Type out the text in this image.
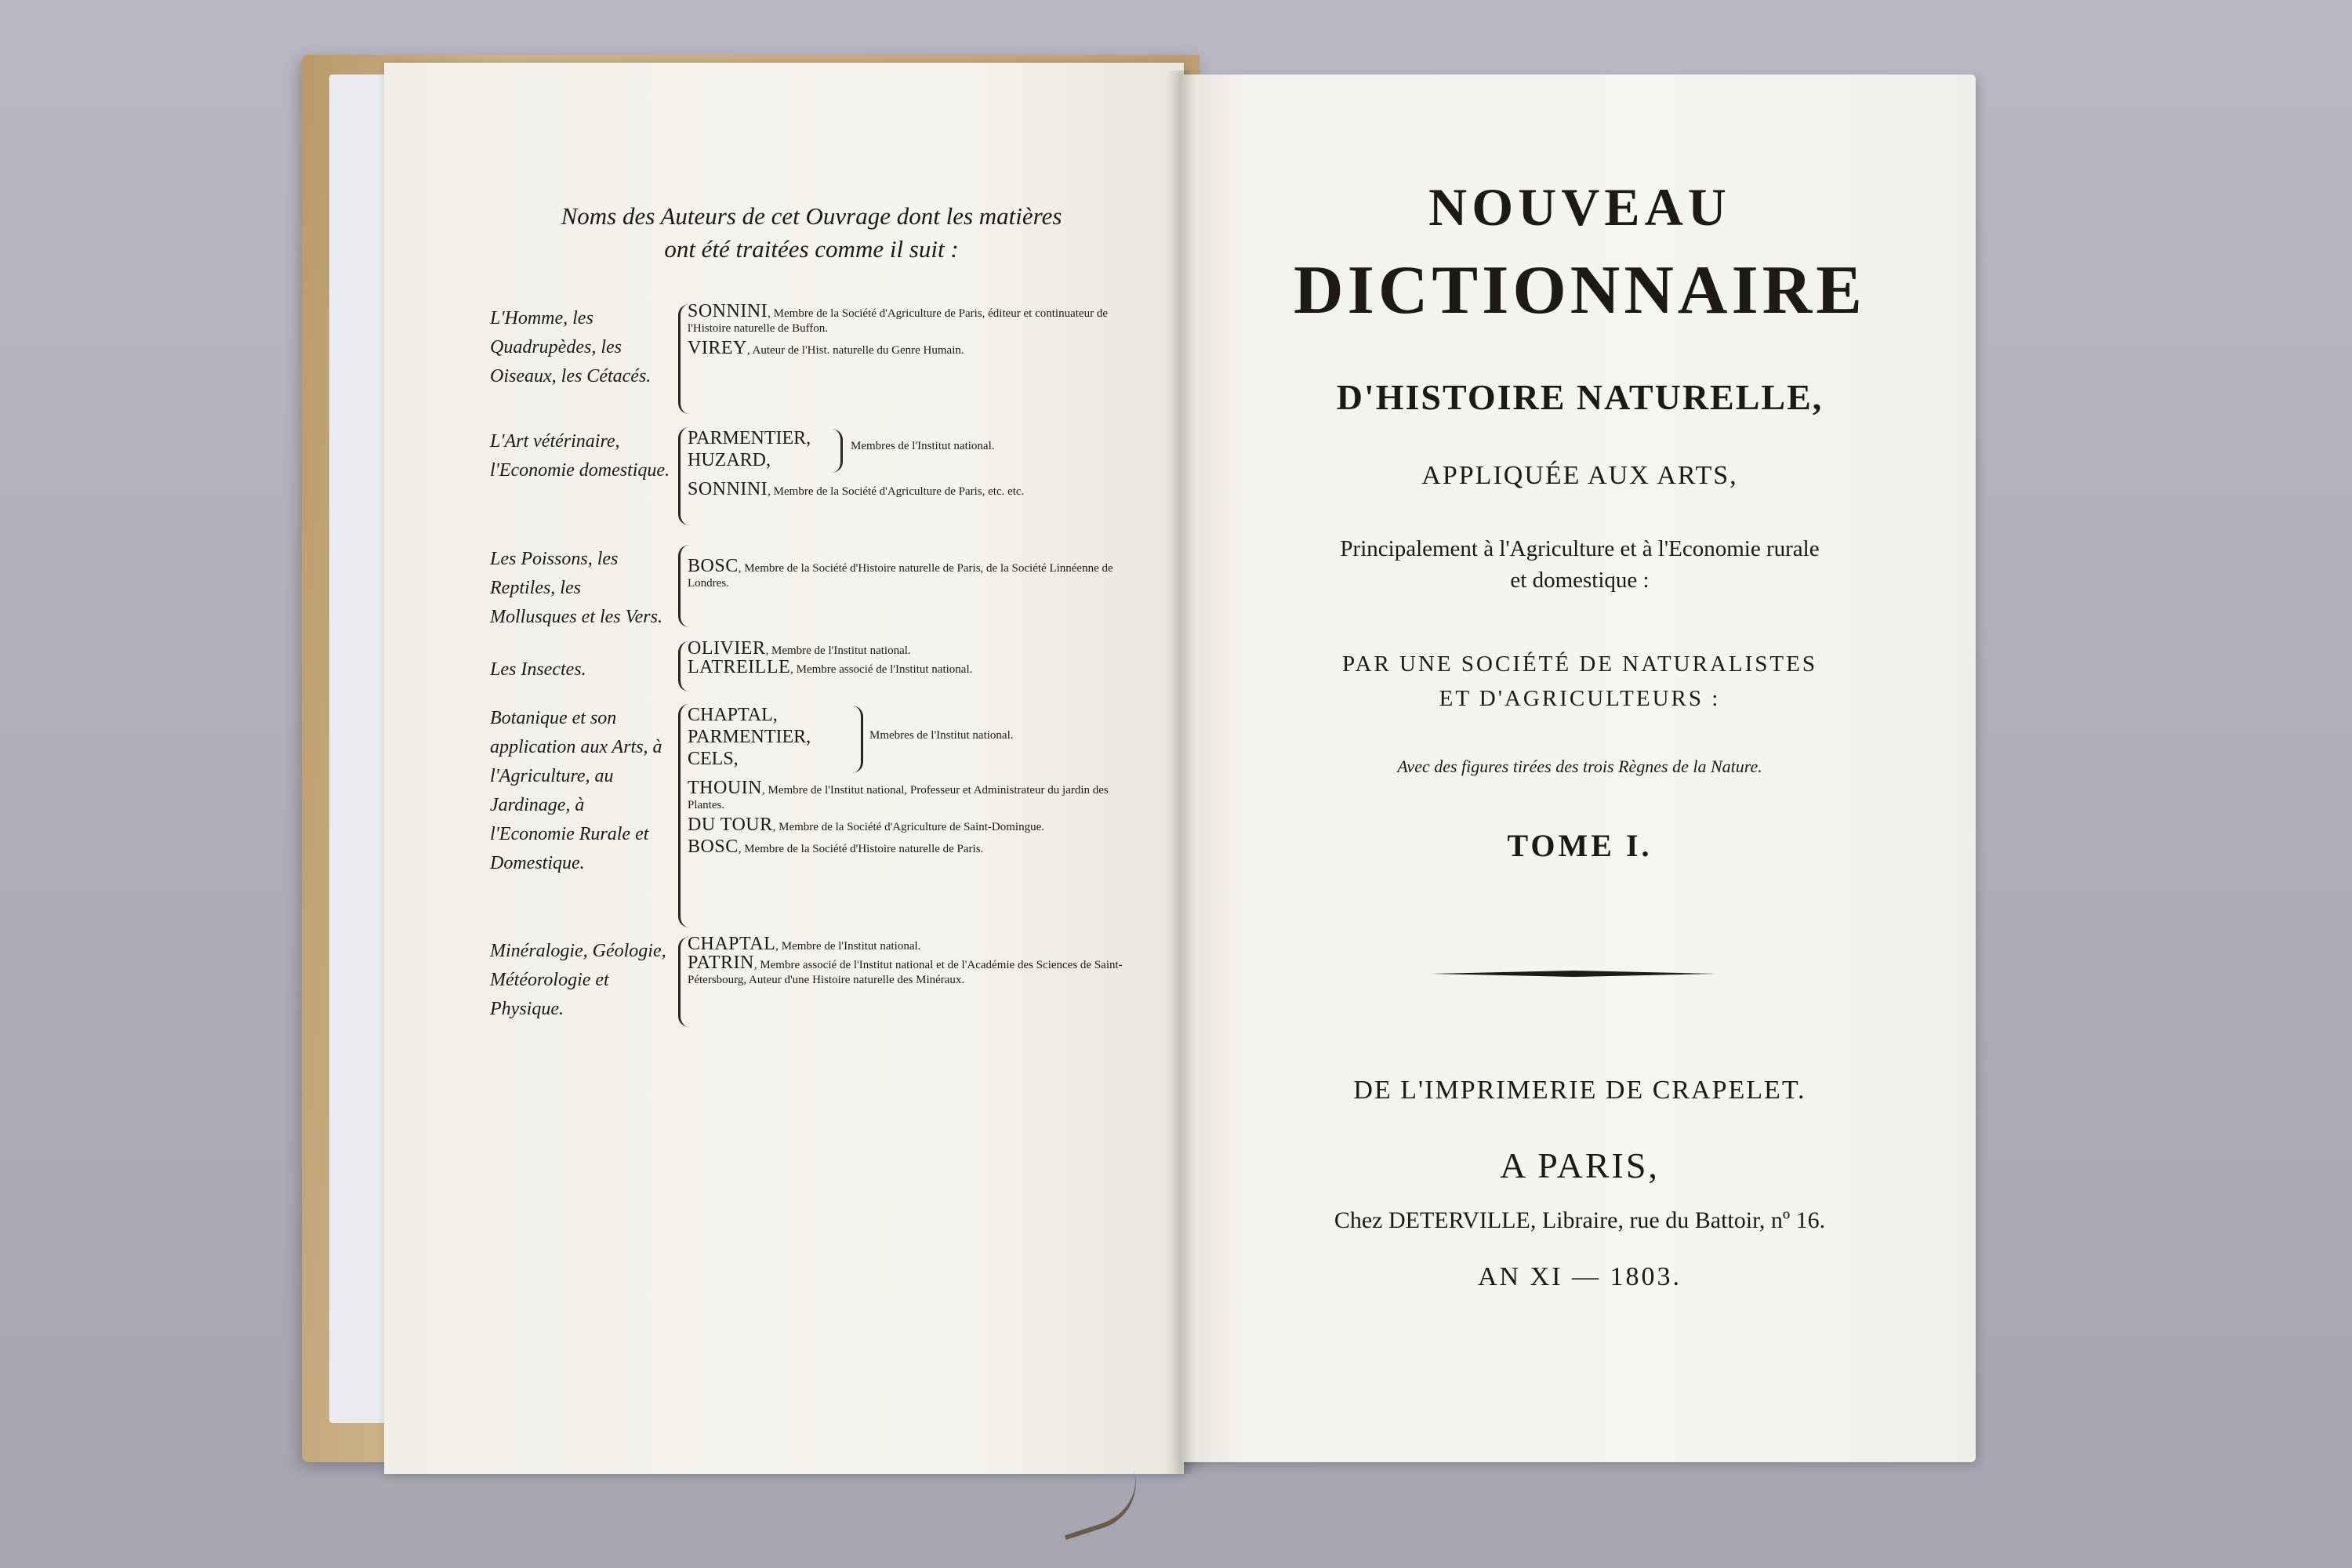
Noms des Auteurs de cet Ouvrage dont les matières
ont été traitées comme il suit :
L'Homme, les Quadrupèdes, les Oiseaux, les Cétacés.
SONNINI, Membre de la Société d'Agriculture de Paris, éditeur et continuateur de l'Histoire naturelle de Buffon.
VIREY, Auteur de l'Hist. naturelle du Genre Humain.
L'Art vétérinaire, l'Economie domestique.
PARMENTIER,
HUZARD,
Membres de l'Institut national.
SONNINI, Membre de la Société d'Agriculture de Paris, etc. etc.
Les Poissons, les Reptiles, les Mollusques et les Vers.
BOSC, Membre de la Société d'Histoire naturelle de Paris, de la Société Linnéenne de Londres.
Les Insectes.
OLIVIER, Membre de l'Institut national.
LATREILLE, Membre associé de l'Institut national.
Botanique et son application aux Arts, à l'Agriculture, au Jardinage, à l'Economie Rurale et Domestique.
CHAPTAL,
PARMENTIER,
CELS,
Mmebres de l'Institut national.
THOUIN, Membre de l'Institut national, Professeur et Administrateur du jardin des Plantes.
DU TOUR, Membre de la Société d'Agriculture de Saint-Domingue.
BOSC, Membre de la Société d'Histoire naturelle de Paris.
Minéralogie, Géologie, Météorologie et Physique.
CHAPTAL, Membre de l'Institut national.
PATRIN, Membre associé de l'Institut national et de l'Académie des Sciences de Saint-Pétersbourg, Auteur d'une Histoire naturelle des Minéraux.
NOUVEAU
DICTIONNAIRE
D'HISTOIRE NATURELLE,
APPLIQUÉE AUX ARTS,
Principalement à l'Agriculture et à l'Economie rurale
et domestique :
PAR UNE SOCIÉTÉ DE NATURALISTES
ET D'AGRICULTEURS :
Avec des figures tirées des trois Règnes de la Nature.
TOME I.
DE L'IMPRIMERIE DE CRAPELET.
A PARIS,
Chez DETERVILLE, Libraire, rue du Battoir, nº 16.
AN XI — 1803.
